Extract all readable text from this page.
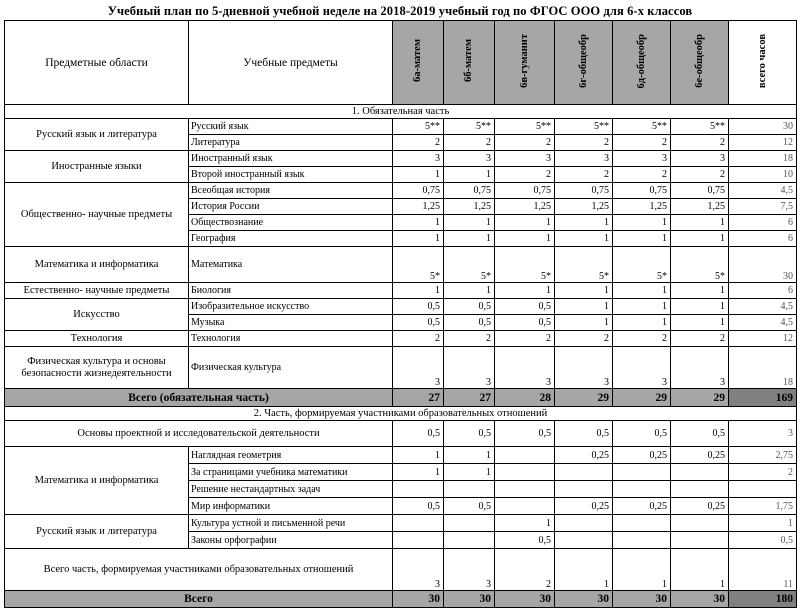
Учебный план по 5-дневной учебной неделе на 2018-2019 учебный год по ФГОС ООО для 6-х классов
Предметные области	Учебные предметы	6а-матем	6б-матем	6в-гуманит	6г-общеобр	6д-общеобр	6е-общеобр	всего часов
1. Обязательная часть								
Русский язык и литература	Русский язык	5**	5**	5**	5**	5**	5**	30
	Литература	2	2	2	2	2	2	12
Иностранные языки	Иностранный язык	3	3	3	3	3	3	18
	Второй иностранный язык	1	1	2	2	2	2	10
Общественно- научные предметы	Всеобщая история	0,75	0,75	0,75	0,75	0,75	0,75	4,5
	История России	1,25	1,25	1,25	1,25	1,25	1,25	7,5
	Обществознание	1	1	1	1	1	1	6
	География	1	1	1	1	1	1	6
Математика и информатика	Математика	5*	5*	5*	5*	5*	5*	30
Естественно- научные предметы	Биология	1	1	1	1	1	1	6
Искусство	Изобразительное искусство	0,5	0,5	0,5	1	1	1	4,5
	Музыка	0,5	0,5	0,5	1	1	1	4,5
Технология	Технология	2	2	2	2	2	2	12
Физическая культура и основы безопасности жизнедеятельности	Физическая культура	3	3	3	3	3	3	18
Всего (обязательная часть)		27	27	28	29	29	29	169
2. Часть, формируемая участниками образовательных отношений								
Основы проектной и исследовательской деятельности		0,5	0,5	0,5	0,5	0,5	0,5	3
Математика и информатика	Наглядная геометрия	1	1		0,25	0,25	0,25	2,75
	За страницами учебника математики	1	1					2
	Решение нестандартных задач							
	Мир информатики	0,5	0,5		0,25	0,25	0,25	1,75
Русский язык и литература	Культура устной и письменной речи			1				1
	Законы орфографии			0,5				0,5
Всего часть, формируемая участниками образовательных отношений		3	3	2	1	1	1	11
Всего		30	30	30	30	30	30	180
